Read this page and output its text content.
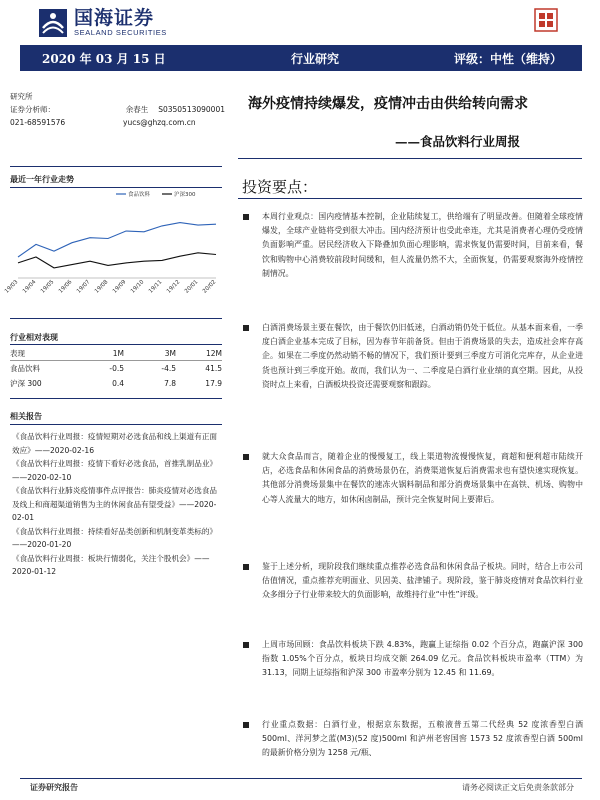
国海证券
SEALAND SECURITIES
2020 年 03 月 15 日	行业研究	评级：中性（维持）
研究所
证券分析师：	余春生 S0350513090001
021-68591576	yucs@ghzq.com.cn
海外疫情持续爆发，疫情冲击由供给转向需求
——食品饮料行业周报
最近一年行业走势
19/03 19/04 19/05 19/06 19/07 19/08 19/09 19/10 19/11 19/12 20/01 20/02
食品饮料	沪深300
行业相对表现
表现	1M	3M	12M
食品饮料	-0.5	-4.5	41.5
沪深 300	0.4	7.8	17.9
相关报告
《食品饮料行业周报：疫情短期对必选食品和线上渠道有正面效应》——2020-02-16
《食品饮料行业周报：疫情下看好必选食品，首推乳制品业》——2020-02-10
《食品饮料行业肺炎疫情事件点评报告：肺炎疫情对必选食品及线上和商超渠道销售为主的休闲食品有望受益》——2020-02-01
《食品饮料行业周报：持续看好品类创新和机制变革类标的》——2020-01-20
《食品饮料行业周报：板块行情弱化，关注个股机会》——2020-01-12
投资要点：
本周行业观点：国内疫情基本控制，企业陆续复工，供给端有了明显改善。但随着全球疫情爆发，全球产业链将受到很大冲击。国内经济预计也受此牵连，尤其是消费者心理仍受疫情负面影响严重。居民经济收入下降叠加负面心理影响，需求恢复仍需要时间，目前来看，餐饮和购物中心消费较前段时间缓和，但人流量仍然不大，全面恢复，仍需要观察海外疫情控制情况。
白酒消费场景主要在餐饮，由于餐饮仍旧低迷，白酒动销仍处于低位。从基本面来看，一季度白酒企业基本完成了目标，因为春节年前备货。但由于消费场景的失去，造成社会库存高企。如果在二季度仍然动销不畅的情况下，我们预计要到三季度方可消化完库存，从企业进货也预计到三季度开始。故而，我们认为一、二季度是白酒行业业绩的真空期。因此，从投资时点上来看，白酒板块投资还需要观察和跟踪。
就大众食品而言，随着企业的慢慢复工，线上渠道物流慢慢恢复，商超和便利超市陆续开店，必选食品和休闲食品的消费场景仍在，消费渠道恢复后消费需求也有望快速实现恢复。其他部分消费场景集中在餐饮的速冻火锅料制品和部分消费场景集中在高铁、机场、购物中心等人流量大的地方，如休闲卤制品，预计完全恢复时间上要滞后。
鉴于上述分析，现阶段我们继续重点推荐必选食品和休闲食品子板块。同时，结合上市公司估值情况，重点推荐充明面业、贝因美、盐津铺子。现阶段，鉴于肺炎疫情对食品饮料行业众多细分子行业带来较大的负面影响，故维持行业“中性”评级。
上周市场回顾：食品饮料板块下跌 4.83%，跑赢上证综指 0.02 个百分点，跑赢沪深 300 指数 1.05%个百分点，板块日均成交额 264.09 亿元。食品饮料板块市盈率（TTM）为 31.13，同期上证综指和沪深 300 市盈率分别为 12.45 和 11.69。
行业重点数据：白酒行业，根据京东数据，五粮液普五第二代经典 52 度浓香型白酒 500ml、洋河梦之蓝(M3)(52 度)500ml 和泸州老窖国窖 1573 52 度浓香型白酒 500ml 的最新价格分别为 1258 元/瓶、
证券研究报告	请务必阅读正文后免责条款部分
